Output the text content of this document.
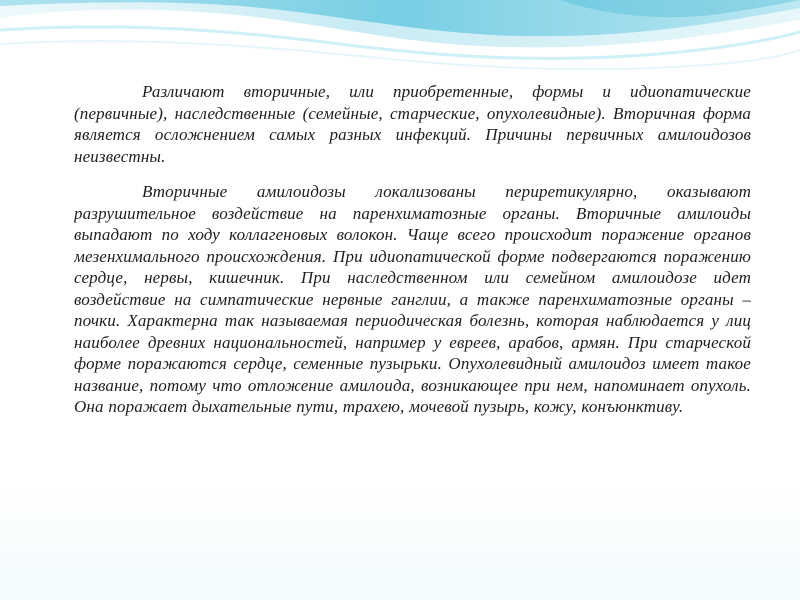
Различают вторичные, или приобретенные, формы и идиопатические (первичные), наследственные (семейные, старческие, опухолевидные). Вторичная форма является осложнением самых разных инфекций. Причины первичных амилоидозов неизвестны.

Вторичные амилоидозы локализованы периретикулярно, оказывают разрушительное воздействие на паренхиматозные органы. Вторичные амилоиды выпадают по ходу коллагеновых волокон. Чаще всего происходит поражение органов мезенхимального происхождения. При идиопатической форме подвергаются поражению сердце, нервы, кишечник. При наследственном или семейном амилоидозе идет воздействие на симпатические нервные ганглии, а также паренхиматозные органы – почки. Характерна так называемая периодическая болезнь, которая наблюдается у лиц наиболее древних национальностей, например у евреев, арабов, армян. При старческой форме поражаются сердце, семенные пузырьки. Опухолевидный амилоидоз имеет такое название, потому что отложение амилоида, возникающее при нем, напоминает опухоль. Она поражает дыхательные пути, трахею, мочевой пузырь, кожу, конъюнктиву.
